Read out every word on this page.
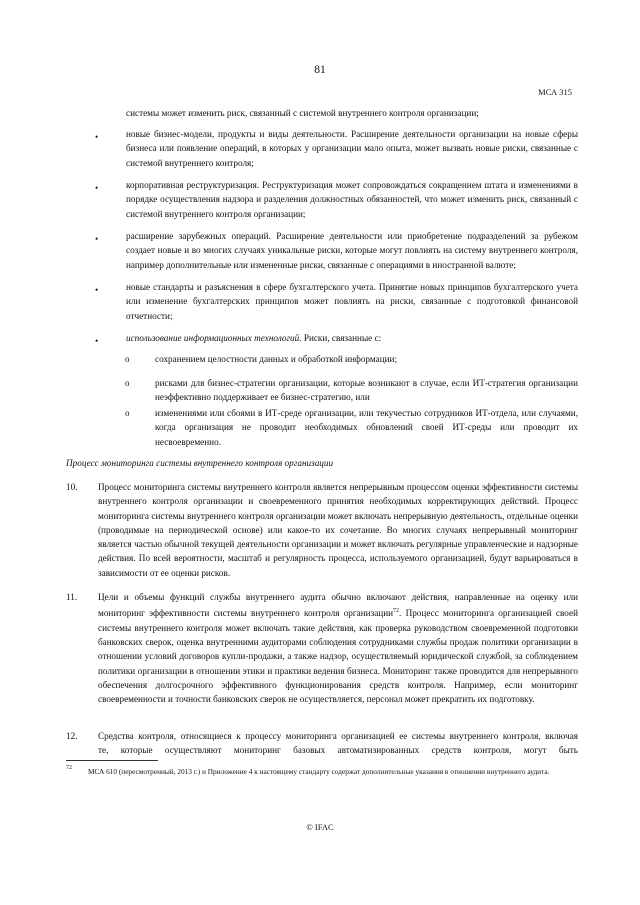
81
МСА 315
системы может изменить риск, связанный с системой внутреннего контроля организации;
•	новые бизнес-модели, продукты и виды деятельности. Расширение деятельности организации на новые сферы бизнеса или появление операций, в которых у организации мало опыта, может вызвать новые риски, связанные с системой внутреннего контроля;
•	корпоративная реструктуризация. Реструктуризация может сопровождаться сокращением штата и изменениями в порядке осуществления надзора и разделения должностных обязанностей, что может изменить риск, связанный с системой внутреннего контроля организации;
•	расширение зарубежных операций. Расширение деятельности или приобретение подразделений за рубежом создает новые и во многих случаях уникальные риски, которые могут повлиять на систему внутреннего контроля, например дополнительные или измененные риски, связанные с операциями в иностранной валюте;
•	новые стандарты и разъяснения в сфере бухгалтерского учета. Принятие новых принципов бухгалтерского учета или изменение бухгалтерских принципов может повлиять на риски, связанные с подготовкой финансовой отчетности;
•	использование информационных технологий. Риски, связанные с:
o	сохранением целостности данных и обработкой информации;
o	рисками для бизнес-стратегии организации, которые возникают в случае, если ИТ-стратегия организации неэффективно поддерживает ее бизнес-стратегию, или
o	изменениями или сбоями в ИТ-среде организации, или текучестью сотрудников ИТ-отдела, или случаями, когда организация не проводит необходимых обновлений своей ИТ-среды или проводит их несвоевременно.
Процесс мониторинга системы внутреннего контроля организации
10. Процесс мониторинга системы внутреннего контроля является непрерывным процессом оценки эффективности системы внутреннего контроля организации и своевременного принятия необходимых корректирующих действий. Процесс мониторинга системы внутреннего контроля организации может включать непрерывную деятельность, отдельные оценки (проводимые на периодической основе) или какое-то их сочетание. Во многих случаях непрерывный мониторинг является частью обычной текущей деятельности организации и может включать регулярные управленческие и надзорные действия. По всей вероятности, масштаб и регулярность процесса, используемого организацией, будут варьироваться в зависимости от ее оценки рисков.
11. Цели и объемы функций службы внутреннего аудита обычно включают действия, направленные на оценку или мониторинг эффективности системы внутреннего контроля организации$^{72}$. Процесс мониторинга организацией своей системы внутреннего контроля может включать такие действия, как проверка руководством своевременной подготовки банковских сверок, оценка внутренними аудиторами соблюдения сотрудниками службы продаж политики организации в отношении условий договоров купли-продажи, а также надзор, осуществляемый юридической службой, за соблюдением политики организации в отношении этики и практики ведения бизнеса. Мониторинг также проводится для непрерывного обеспечения долгосрочного эффективного функционирования средств контроля. Например, если мониторинг своевременности и точности банковских сверок не осуществляется, персонал может прекратить их подготовку.
12. Средства контроля, относящиеся к процессу мониторинга организацией ее системы внутреннего контроля, включая
те, которые осуществляют мониторинг базовых автоматизированных средств контроля, могут быть
72 МСА 610 (пересмотренный, 2013 г.) и Приложение 4 к настоящему стандарту содержат дополнительные указания в отношении внутреннего аудита.
© IFAC
